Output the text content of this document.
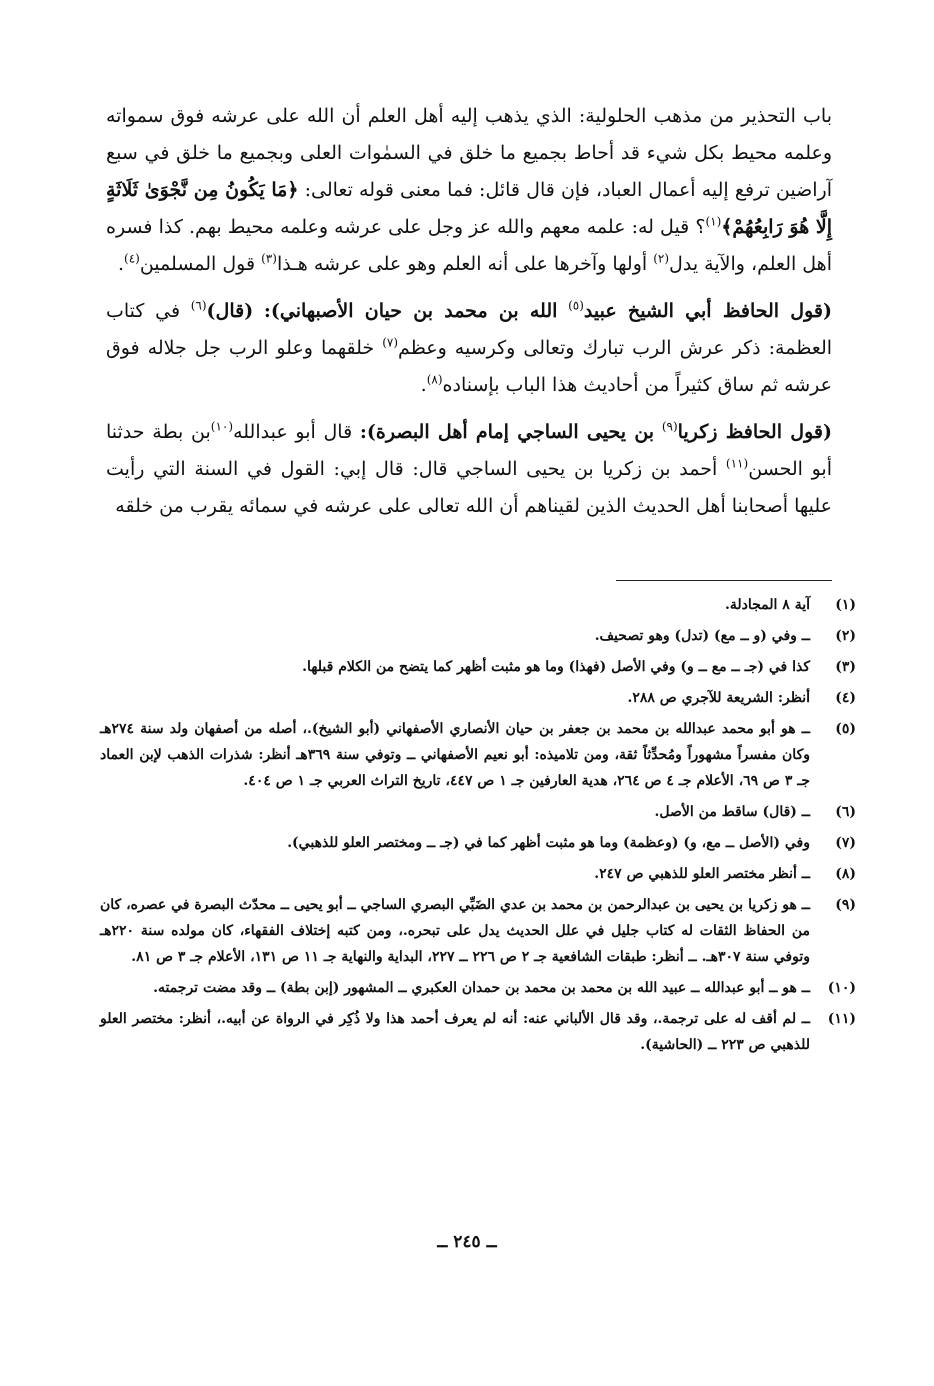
باب التحذير من مذهب الحلولية: الذي يذهب إليه أهل العلم أن الله على عرشه فوق سمواته وعلمه محيط بكل شيء قد أحاط بجميع ما خلق في السمٰوات العلى وبجميع ما خلق في سبع آراضين ترفع إليه أعمال العباد، فإن قال قائل: فما معنى قوله تعالى: ﴿مَا يَكُونُ مِن نَّجْوَىٰ ثَلَاثَةٍ إِلَّا هُوَ رَابِعُهُمْ﴾$^{(١)}$؟ قيل له: علمه معهم والله عز وجل على عرشه وعلمه محيط بهم. كذا فسره أهل العلم، والآية يدل$^{(٢)}$ أولها وآخرها على أنه العلم وهو على عرشه هـذا$^{(٣)}$ قول المسلمين$^{(٤)}$.

(قول الحافظ أبي الشيخ عبيد$^{(٥)}$ الله بن محمد بن حيان الأصبهاني): (قال)$^{(٦)}$ في كتاب العظمة: ذكر عرش الرب تبارك وتعالى وكرسيه وعظم$^{(٧)}$ خلقهما وعلو الرب جل جلاله فوق عرشه ثم ساق كثيراً من أحاديث هذا الباب بإسناده$^{(٨)}$.

(قول الحافظ زكريا$^{(٩)}$ بن يحيى الساجي إمام أهل البصرة): قال أبو عبدالله$^{(١٠)}$بن بطة حدثنا أبو الحسن$^{(١١)}$ أحمد بن زكريا بن يحيى الساجي قال: قال إبي: القول في السنة التي رأيت عليها أصحابنا أهل الحديث الذين لقيناهم أن الله تعالى على عرشه في سمائه يقرب من خلقه

(١)
آية ٨ المجادلة.
(٢)
ــ وفي (و ــ مع) (تدل) وهو تصحيف.
(٣)
كذا في (جـ ــ مع ــ و) وفي الأصل (فهذا) وما هو مثبت أظهر كما يتضح من الكلام قبلها.
(٤)
أنظر: الشريعة للآجري ص ٢٨٨.
(٥)
ــ هو أبو محمد عبدالله بن محمد بن جعفر بن حيان الأنصاري الأصفهاني (أبو الشيخ).، أصله من أصفهان ولد سنة ٢٧٤هـ وكان مفسراً مشهوراً ومُحدِّثاً ثقة، ومن تلاميذه: أبو نعيم الأصفهاني ــ وتوفي سنة ٣٦٩هـ أنظر: شذرات الذهب لإبن العماد جـ ٣ ص ٦٩، الأعلام جـ ٤ ص ٢٦٤، هدية العارفين جـ ١ ص ٤٤٧، تاريخ التراث العربي جـ ١ ص ٤٠٤.
(٦)
ــ (قال) ساقط من الأصل.
(٧)
وفي (الأصل ــ مع، و) (وعظمة) وما هو مثبت أظهر كما في (جـ ــ ومختصر العلو للذهبي).
(٨)
ــ أنظر مختصر العلو للذهبي ص ٢٤٧.
(٩)
ــ هو زكريا بن يحيى بن عبدالرحمن بن محمد بن عدي الضَبِّي البصري الساجي ــ أبو يحيى ــ محدّث البصرة في عصره، كان من الحفاظ الثقات له كتاب جليل في علل الحديث يدل على تبحره.، ومن كتبه إختلاف الفقهاء، كان مولده سنة ٢٢٠هـ وتوفي سنة ٣٠٧هـ. ــ أنظر: طبقات الشافعية جـ ٢ ص ٢٢٦ ــ ٢٢٧، البداية والنهاية جـ ١١ ص ١٣١، الأعلام جـ ٣ ص ٨١.
(١٠)
ــ هو ــ أبو عبدالله ــ عبيد الله بن محمد بن محمد بن حمدان العكبري ــ المشهور (إبن بطة) ــ وقد مضت ترجمته.
(١١)
ــ لم أقف له على ترجمة.، وقد قال الألباني عنه: أنه لم يعرف أحمد هذا ولا ذُكِر في الرواة عن أبيه.، أنظر: مختصر العلو للذهبي ص ٢٢٣ ــ (الحاشية).
ــ ٢٤٥ ــ
